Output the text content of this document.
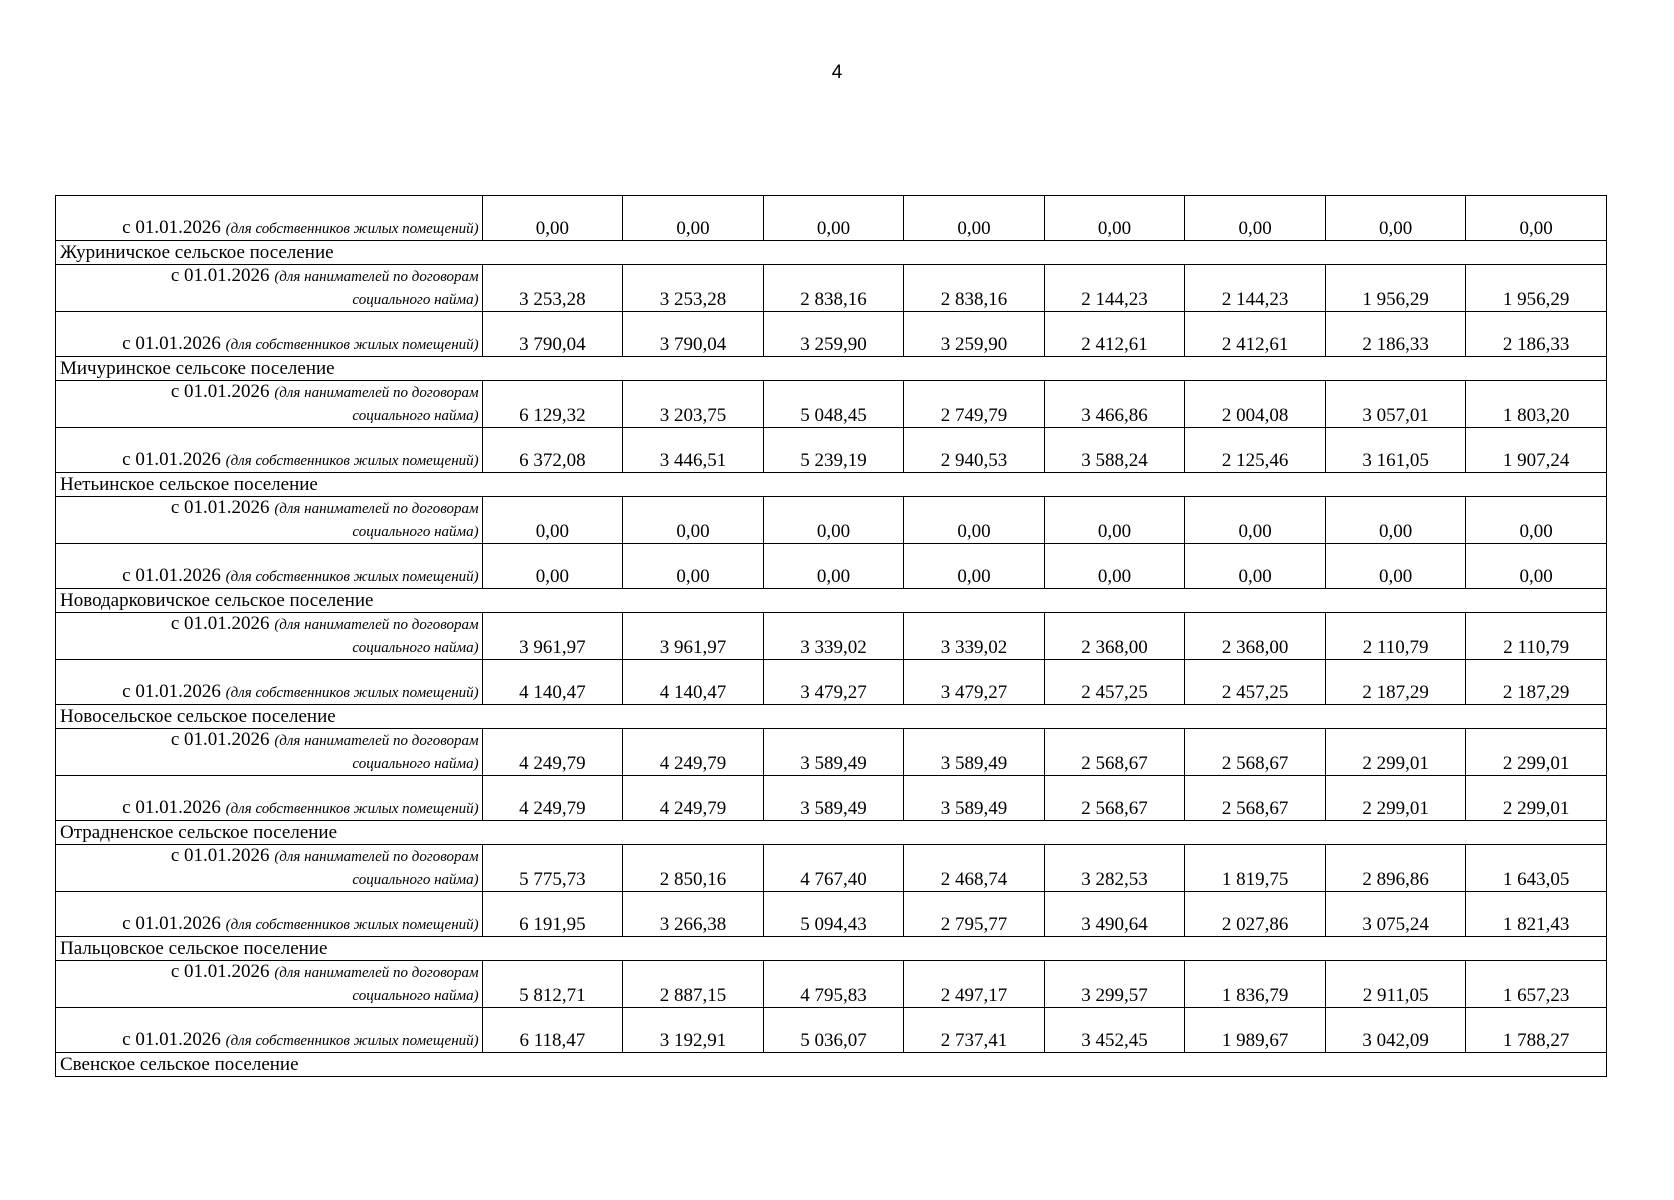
4
с 01.01.2026 (для собственников жилых помещений)	0,00	0,00	0,00	0,00	0,00	0,00	0,00	0,00
Журиничское сельское поселение								
с 01.01.2026 (для нанимателей по договорам
социального найма)	3 253,28	3 253,28	2 838,16	2 838,16	2 144,23	2 144,23	1 956,29	1 956,29
с 01.01.2026 (для собственников жилых помещений)	3 790,04	3 790,04	3 259,90	3 259,90	2 412,61	2 412,61	2 186,33	2 186,33
Мичуринское сельсоке поселение								
с 01.01.2026 (для нанимателей по договорам
социального найма)	6 129,32	3 203,75	5 048,45	2 749,79	3 466,86	2 004,08	3 057,01	1 803,20
с 01.01.2026 (для собственников жилых помещений)	6 372,08	3 446,51	5 239,19	2 940,53	3 588,24	2 125,46	3 161,05	1 907,24
Нетьинское сельское поселение								
с 01.01.2026 (для нанимателей по договорам
социального найма)	0,00	0,00	0,00	0,00	0,00	0,00	0,00	0,00
с 01.01.2026 (для собственников жилых помещений)	0,00	0,00	0,00	0,00	0,00	0,00	0,00	0,00
Новодарковичское сельское поселение								
с 01.01.2026 (для нанимателей по договорам
социального найма)	3 961,97	3 961,97	3 339,02	3 339,02	2 368,00	2 368,00	2 110,79	2 110,79
с 01.01.2026 (для собственников жилых помещений)	4 140,47	4 140,47	3 479,27	3 479,27	2 457,25	2 457,25	2 187,29	2 187,29
Новосельское сельское поселение								
с 01.01.2026 (для нанимателей по договорам
социального найма)	4 249,79	4 249,79	3 589,49	3 589,49	2 568,67	2 568,67	2 299,01	2 299,01
с 01.01.2026 (для собственников жилых помещений)	4 249,79	4 249,79	3 589,49	3 589,49	2 568,67	2 568,67	2 299,01	2 299,01
Отрадненское сельское поселение								
с 01.01.2026 (для нанимателей по договорам
социального найма)	5 775,73	2 850,16	4 767,40	2 468,74	3 282,53	1 819,75	2 896,86	1 643,05
с 01.01.2026 (для собственников жилых помещений)	6 191,95	3 266,38	5 094,43	2 795,77	3 490,64	2 027,86	3 075,24	1 821,43
Пальцовское сельское поселение								
с 01.01.2026 (для нанимателей по договорам
социального найма)	5 812,71	2 887,15	4 795,83	2 497,17	3 299,57	1 836,79	2 911,05	1 657,23
с 01.01.2026 (для собственников жилых помещений)	6 118,47	3 192,91	5 036,07	2 737,41	3 452,45	1 989,67	3 042,09	1 788,27
Свенское сельское поселение								
